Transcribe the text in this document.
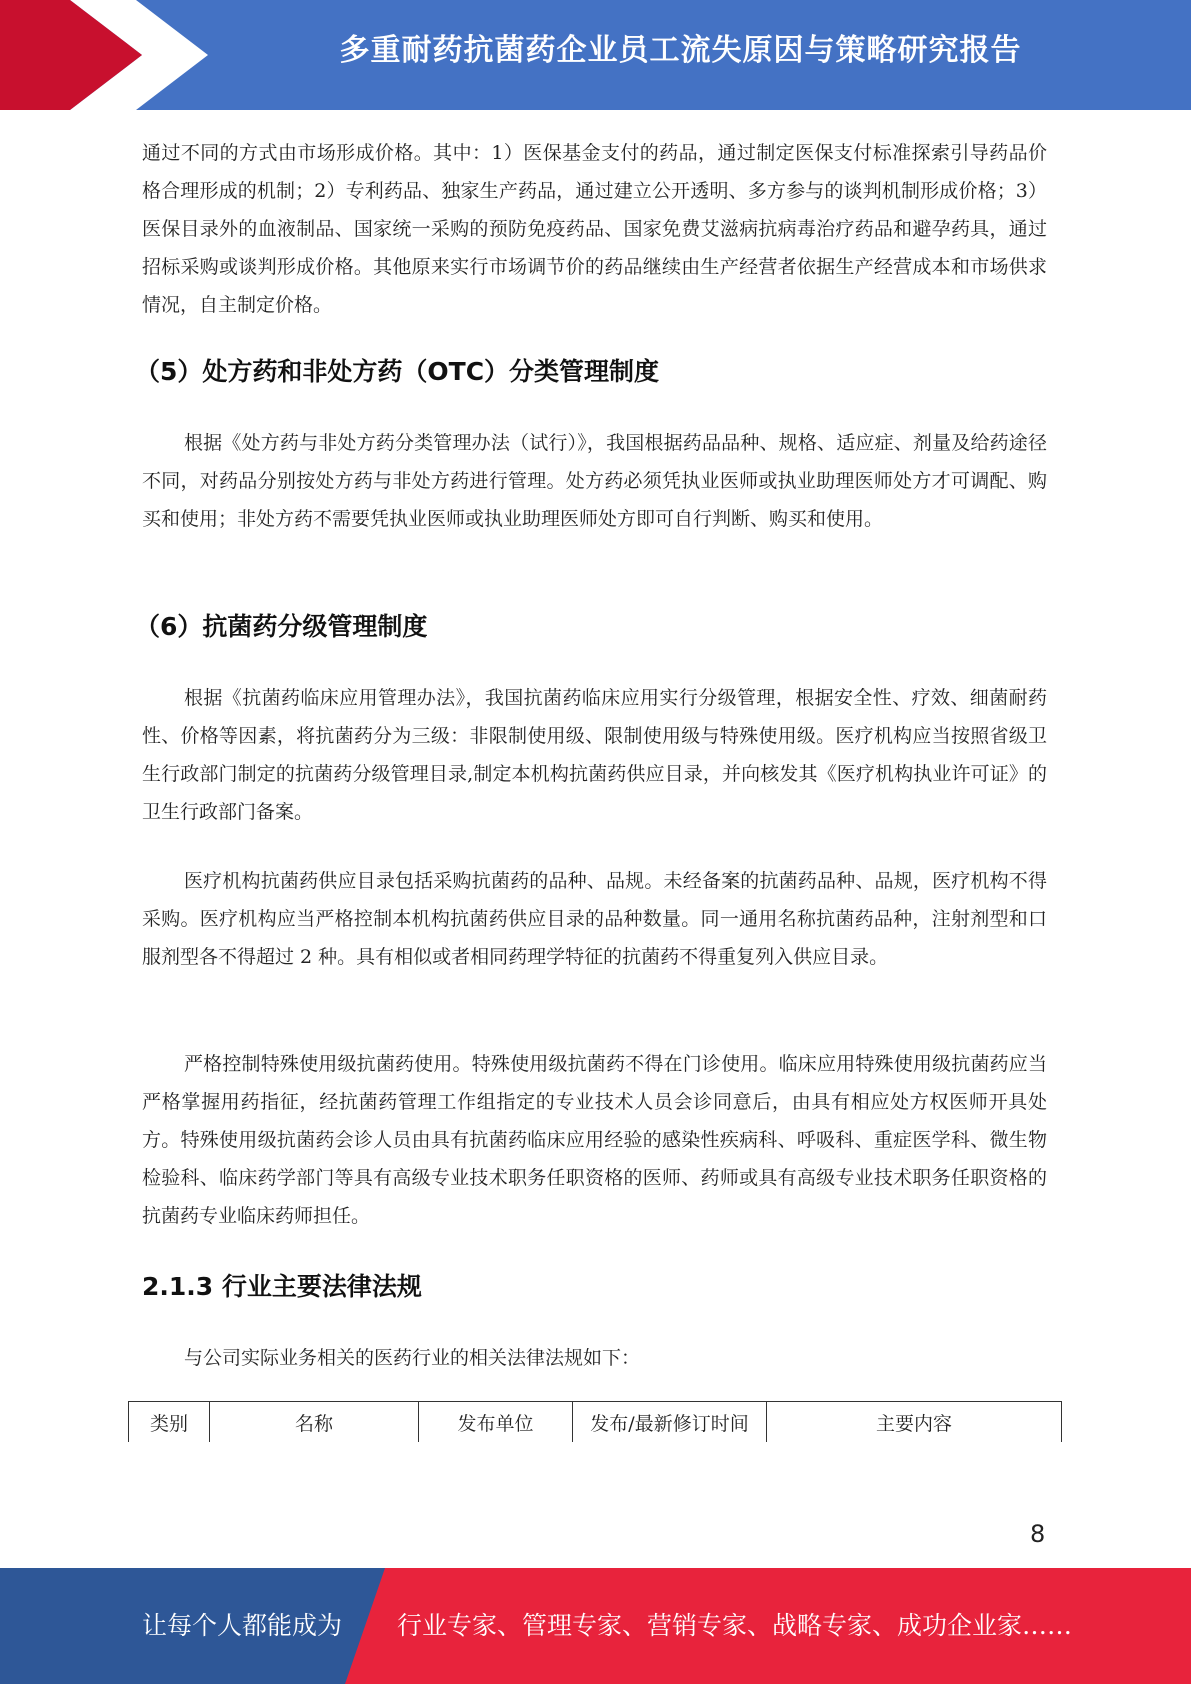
多重耐药抗菌药企业员工流失原因与策略研究报告

通过不同的方式由市场形成价格。其中：1）医保基金支付的药品，通过制定医保支付标准探索引导药品价格合理形成的机制；2）专利药品、独家生产药品，通过建立公开透明、多方参与的谈判机制形成价格；3）医保目录外的血液制品、国家统一采购的预防免疫药品、国家免费艾滋病抗病毒治疗药品和避孕药具，通过招标采购或谈判形成价格。其他原来实行市场调节价的药品继续由生产经营者依据生产经营成本和市场供求情况，自主制定价格。

（5）处方药和非处方药（OTC）分类管理制度

根据《处方药与非处方药分类管理办法（试行）》，我国根据药品品种、规格、适应症、剂量及给药途径不同，对药品分别按处方药与非处方药进行管理。处方药必须凭执业医师或执业助理医师处方才可调配、购买和使用；非处方药不需要凭执业医师或执业助理医师处方即可自行判断、购买和使用。

（6）抗菌药分级管理制度

根据《抗菌药临床应用管理办法》，我国抗菌药临床应用实行分级管理，根据安全性、疗效、细菌耐药性、价格等因素，将抗菌药分为三级：非限制使用级、限制使用级与特殊使用级。医疗机构应当按照省级卫生行政部门制定的抗菌药分级管理目录,制定本机构抗菌药供应目录，并向核发其《医疗机构执业许可证》的卫生行政部门备案。

医疗机构抗菌药供应目录包括采购抗菌药的品种、品规。未经备案的抗菌药品种、品规，医疗机构不得采购。医疗机构应当严格控制本机构抗菌药供应目录的品种数量。同一通用名称抗菌药品种，注射剂型和口服剂型各不得超过 2 种。具有相似或者相同药理学特征的抗菌药不得重复列入供应目录。

严格控制特殊使用级抗菌药使用。特殊使用级抗菌药不得在门诊使用。临床应用特殊使用级抗菌药应当严格掌握用药指征，经抗菌药管理工作组指定的专业技术人员会诊同意后，由具有相应处方权医师开具处方。特殊使用级抗菌药会诊人员由具有抗菌药临床应用经验的感染性疾病科、呼吸科、重症医学科、微生物检验科、临床药学部门等具有高级专业技术职务任职资格的医师、药师或具有高级专业技术职务任职资格的抗菌药专业临床药师担任。

2.1.3 行业主要法律法规

与公司实际业务相关的医药行业的相关法律法规如下：

类别	名称	发布单位	发布/最新修订时间	主要内容
8
让每个人都能成为 行业专家、管理专家、营销专家、战略专家、成功企业家……
